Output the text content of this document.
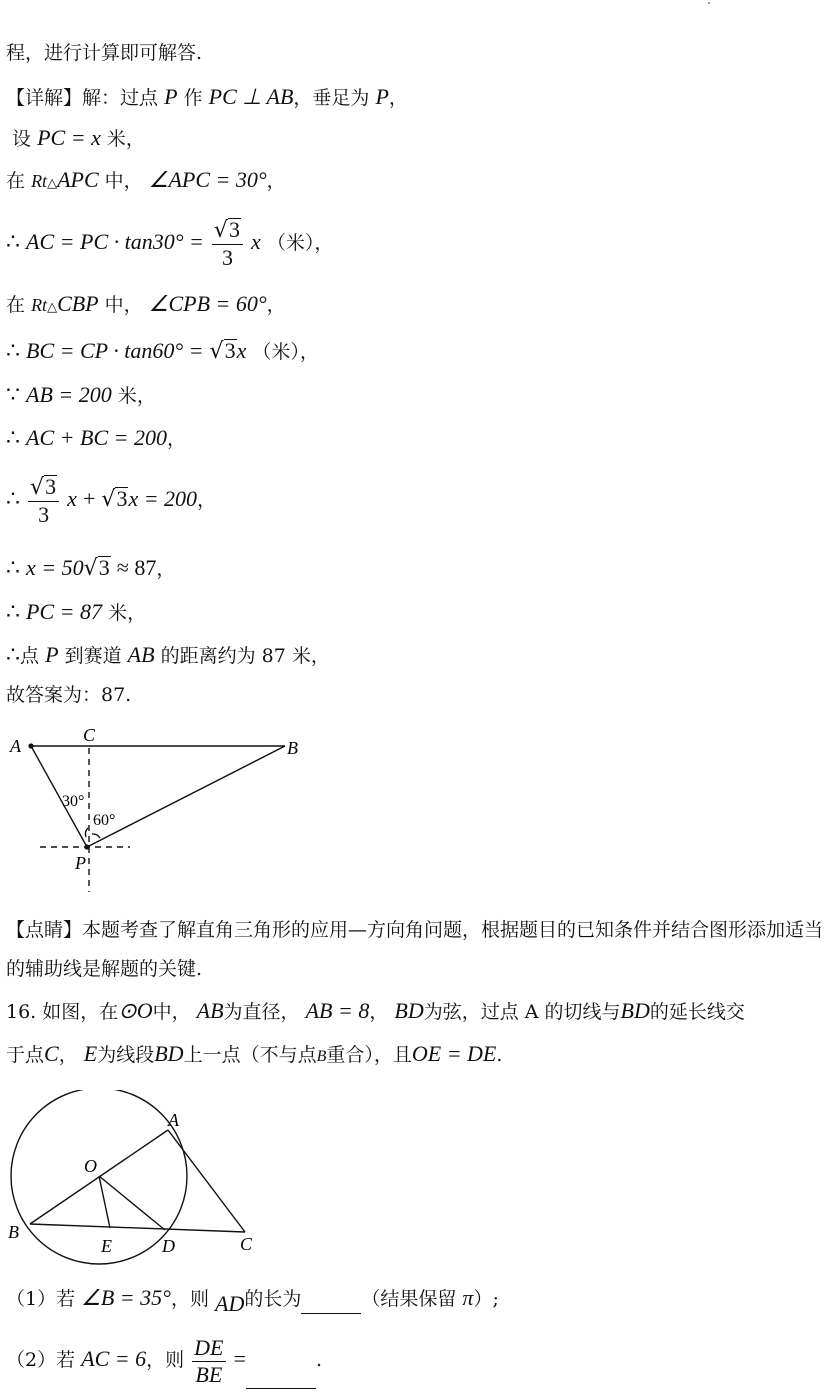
程，进行计算即可解答.
【详解】解：过点 P 作 PC ⊥ AB，垂足为 P，
设 PC = x 米，
在 Rt△APC 中， ∠APC = 30°，
∴ AC = PC · $\tan 30^\circ = \frac{√3}{3}$ x （米），
在 Rt△CBP 中， ∠CPB = 60°，
∴ BC = CP · tan60° = √3x （米），
∵ AB = 200 米，
∴ AC + BC = 200，
∴ $\frac{√3}{3}$ x + √3x = 200，
∴ x = 50√3 ≈ 87，
∴ PC = 87 米，
∴点 P 到赛道 AB 的距离约为 87 米，
故答案为：87.
A
C
B
P
30°
60°
【点睛】本题考查了解直角三角形的应用—方向角问题，根据题目的已知条件并结合图形添加适当的辅助线是解题的关键.
16. 如图，在⊙O中， AB为直径， AB = 8， BD为弦，过点 A 的切线与BD的延长线交
于点C， E为线段BD上一点（不与点B重合），且OE = DE.
A
O
B
E	D	C
（1）若 ∠B = 35°，则 AD的长为	（结果保留 π）;
（2）若 AC = 6，则 $\frac{DE}{BE}$ =	.
